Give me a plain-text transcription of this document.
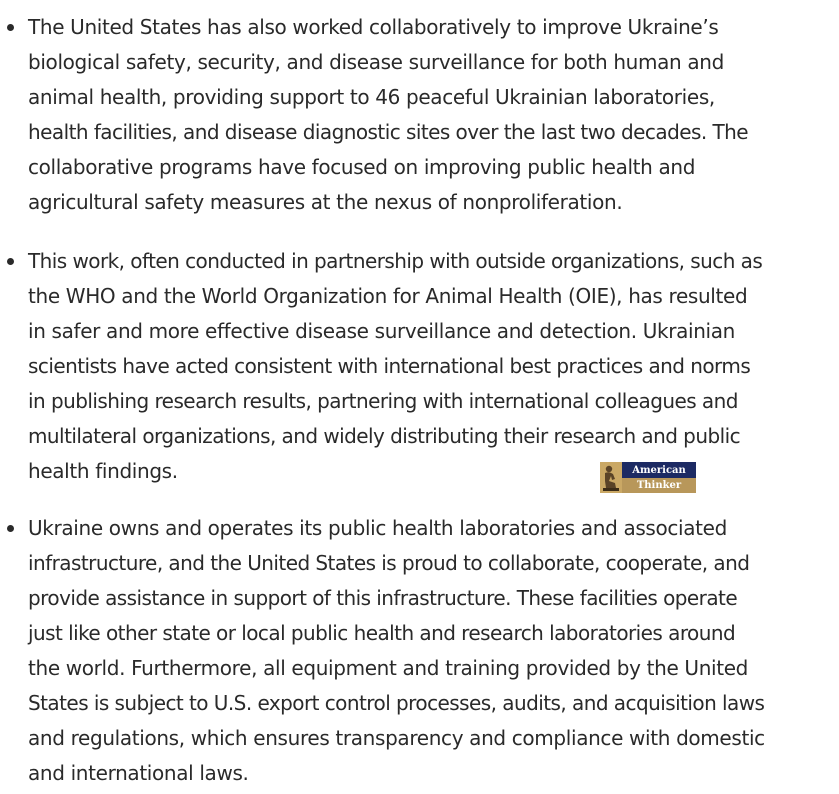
The United States has also worked collaboratively to improve Ukraine’s
biological safety, security, and disease surveillance for both human and
animal health, providing support to 46 peaceful Ukrainian laboratories,
health facilities, and disease diagnostic sites over the last two decades. The
collaborative programs have focused on improving public health and
agricultural safety measures at the nexus of nonproliferation.
This work, often conducted in partnership with outside organizations, such as
the WHO and the World Organization for Animal Health (OIE), has resulted
in safer and more effective disease surveillance and detection. Ukrainian
scientists have acted consistent with international best practices and norms
in publishing research results, partnering with international colleagues and
multilateral organizations, and widely distributing their research and public
health findings.
Ukraine owns and operates its public health laboratories and associated
infrastructure, and the United States is proud to collaborate, cooperate, and
provide assistance in support of this infrastructure. These facilities operate
just like other state or local public health and research laboratories around
the world. Furthermore, all equipment and training provided by the United
States is subject to U.S. export control processes, audits, and acquisition laws
and regulations, which ensures transparency and compliance with domestic
and international laws.
American
Thinker
